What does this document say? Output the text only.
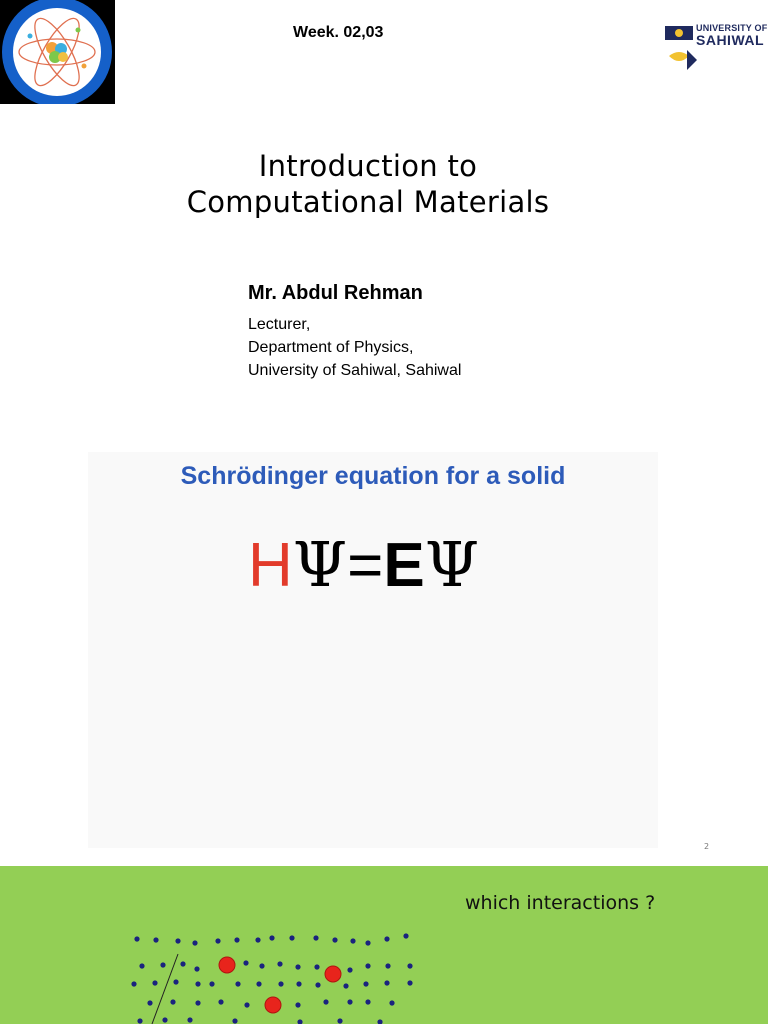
Week. 02,03	UNIVERSITY OF
SAHIWAL
Introduction to
Computational Materials
Mr. Abdul Rehman
Lecturer,
Department of Physics,
University of Sahiwal, Sahiwal
Schrödinger equation for a solid
HΨ=EΨ
2
which interactions ?
